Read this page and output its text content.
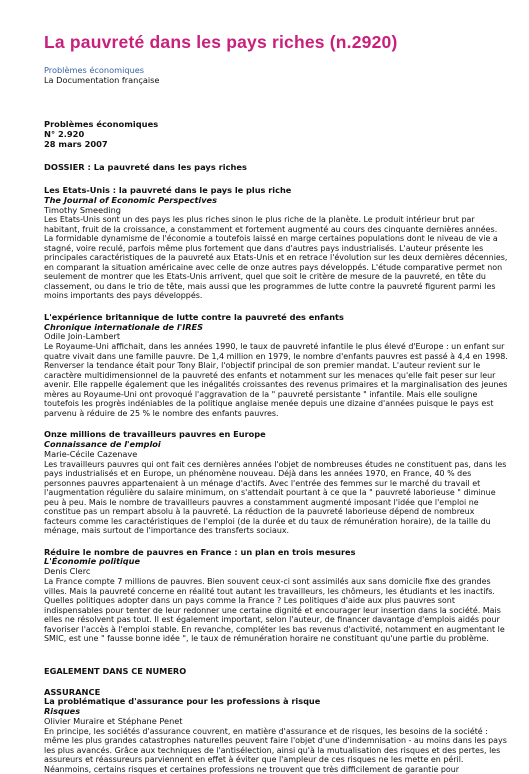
La pauvreté dans les pays riches (n.2920)
Problèmes économiques
La Documentation française
Problèmes économiques
N° 2.920
28 mars 2007
DOSSIER : La pauvreté dans les pays riches
Les Etats-Unis : la pauvreté dans le pays le plus riche
The Journal of Economic Perspectives
Timothy Smeeding

Les Etats-Unis sont un des pays les plus riches sinon le plus riche de la planète. Le produit intérieur brut par habitant, fruit de la croissance, a constamment et fortement augmenté au cours des cinquante dernières années. La formidable dynamisme de l'économie a toutefois laissé en marge certaines populations dont le niveau de vie a stagné, voire reculé, parfois même plus fortement que dans d'autres pays industrialisés. L'auteur présente les principales caractéristiques de la pauvreté aux Etats-Unis et en retrace l'évolution sur les deux dernières décennies, en comparant la situation américaine avec celle de onze autres pays développés. L'étude comparative permet non seulement de montrer que les Etats-Unis arrivent, quel que soit le critère de mesure de la pauvreté, en tête du classement, ou dans le trio de tête, mais aussi que les programmes de lutte contre la pauvreté figurent parmi les moins importants des pays développés.

L'expérience britannique de lutte contre la pauvreté des enfants
Chronique internationale de l'IRES
Odile Join-Lambert

Le Royaume-Uni affichait, dans les années 1990, le taux de pauvreté infantile le plus élevé d'Europe : un enfant sur quatre vivait dans une famille pauvre. De 1,4 million en 1979, le nombre d'enfants pauvres est passé à 4,4 en 1998. Renverser la tendance était pour Tony Blair, l'objectif principal de son premier mandat. L'auteur revient sur le caractère multidimensionnel de la pauvreté des enfants et notamment sur les menaces qu'elle fait peser sur leur avenir. Elle rappelle également que les inégalités croissantes des revenus primaires et la marginalisation des jeunes mères au Royaume-Uni ont provoqué l'aggravation de la " pauvreté persistante " infantile. Mais elle souligne toutefois les progrès indéniables de la politique anglaise menée depuis une dizaine d'années puisque le pays est parvenu à réduire de 25 % le nombre des enfants pauvres.

Onze millions de travailleurs pauvres en Europe
Connaissance de l'emploi
Marie-Cécile Cazenave

Les travailleurs pauvres qui ont fait ces dernières années l'objet de nombreuses études ne constituent pas, dans les pays industrialisés et en Europe, un phénomène nouveau. Déjà dans les années 1970, en France, 40 % des personnes pauvres appartenaient à un ménage d'actifs. Avec l'entrée des femmes sur le marché du travail et l'augmentation régulière du salaire minimum, on s'attendait pourtant à ce que la " pauvreté laborieuse " diminue peu à peu. Mais le nombre de travailleurs pauvres a constamment augmenté imposant l'idée que l'emploi ne constitue pas un rempart absolu à la pauvreté. La réduction de la pauvreté laborieuse dépend de nombreux facteurs comme les caractéristiques de l'emploi (de la durée et du taux de rémunération horaire), de la taille du ménage, mais surtout de l'importance des transferts sociaux.

Réduire le nombre de pauvres en France : un plan en trois mesures
L'Économie politique
Denis Clerc

La France compte 7 millions de pauvres. Bien souvent ceux-ci sont assimilés aux sans domicile fixe des grandes villes. Mais la pauvreté concerne en réalité tout autant les travailleurs, les chômeurs, les étudiants et les inactifs. Quelles politiques adopter dans un pays comme la France ? Les politiques d'aide aux plus pauvres sont indispensables pour tenter de leur redonner une certaine dignité et encourager leur insertion dans la société. Mais elles ne résolvent pas tout. Il est également important, selon l'auteur, de financer davantage d'emplois aidés pour favoriser l'accès à l'emploi stable. En revanche, compléter les bas revenus d'activité, notamment en augmentant le SMIC, est une " fausse bonne idée ", le taux de rémunération horaire ne constituant qu'une partie du problème.

EGALEMENT DANS CE NUMERO
ASSURANCE
La problématique d'assurance pour les professions à risque
Risques
Olivier Muraire et Stéphane Penet

En principe, les sociétés d'assurance couvrent, en matière d'assurance et de risques, les besoins de la société : même les plus grandes catastrophes naturelles peuvent faire l'objet d'une d'indemnisation - au moins dans les pays les plus avancés. Grâce aux techniques de l'antisélection, ainsi qu'à la mutualisation des risques et des pertes, les assureurs et réassureurs parviennent en effet à éviter que l'ampleur de ces risques ne les mette en péril. Néanmoins, certains risques et certaines professions ne trouvent que très difficilement de garantie pour
